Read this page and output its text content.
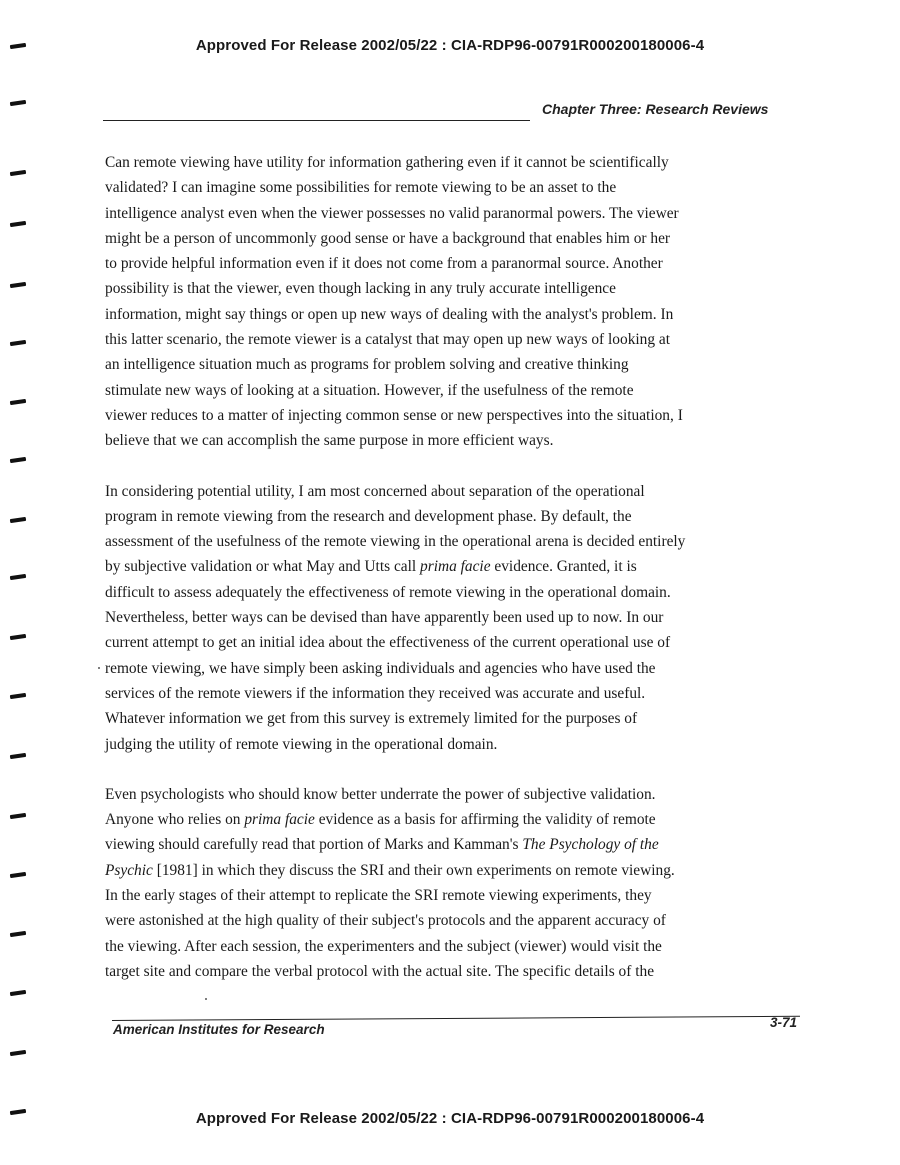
Approved For Release 2002/05/22 : CIA-RDP96-00791R000200180006-4
Chapter Three: Research Reviews

Can remote viewing have utility for information gathering even if it cannot be scientifically
validated? I can imagine some possibilities for remote viewing to be an asset to the
intelligence analyst even when the viewer possesses no valid paranormal powers. The viewer
might be a person of uncommonly good sense or have a background that enables him or her
to provide helpful information even if it does not come from a paranormal source. Another
possibility is that the viewer, even though lacking in any truly accurate intelligence
information, might say things or open up new ways of dealing with the analyst's problem. In
this latter scenario, the remote viewer is a catalyst that may open up new ways of looking at
an intelligence situation much as programs for problem solving and creative thinking
stimulate new ways of looking at a situation. However, if the usefulness of the remote
viewer reduces to a matter of injecting common sense or new perspectives into the situation, I
believe that we can accomplish the same purpose in more efficient ways.

In considering potential utility, I am most concerned about separation of the operational
program in remote viewing from the research and development phase. By default, the
assessment of the usefulness of the remote viewing in the operational arena is decided entirely
by subjective validation or what May and Utts call prima facie evidence. Granted, it is
difficult to assess adequately the effectiveness of remote viewing in the operational domain.
Nevertheless, better ways can be devised than have apparently been used up to now. In our
current attempt to get an initial idea about the effectiveness of the current operational use of
remote viewing, we have simply been asking individuals and agencies who have used the
services of the remote viewers if the information they received was accurate and useful.
Whatever information we get from this survey is extremely limited for the purposes of
judging the utility of remote viewing in the operational domain.

Even psychologists who should know better underrate the power of subjective validation.
Anyone who relies on prima facie evidence as a basis for affirming the validity of remote
viewing should carefully read that portion of Marks and Kamman's The Psychology of the
Psychic [1981] in which they discuss the SRI and their own experiments on remote viewing.
In the early stages of their attempt to replicate the SRI remote viewing experiments, they
were astonished at the high quality of their subject's protocols and the apparent accuracy of
the viewing. After each session, the experimenters and the subject (viewer) would visit the
target site and compare the verbal protocol with the actual site. The specific details of the

American Institutes for Research	3-71
Approved For Release 2002/05/22 : CIA-RDP96-00791R000200180006-4
